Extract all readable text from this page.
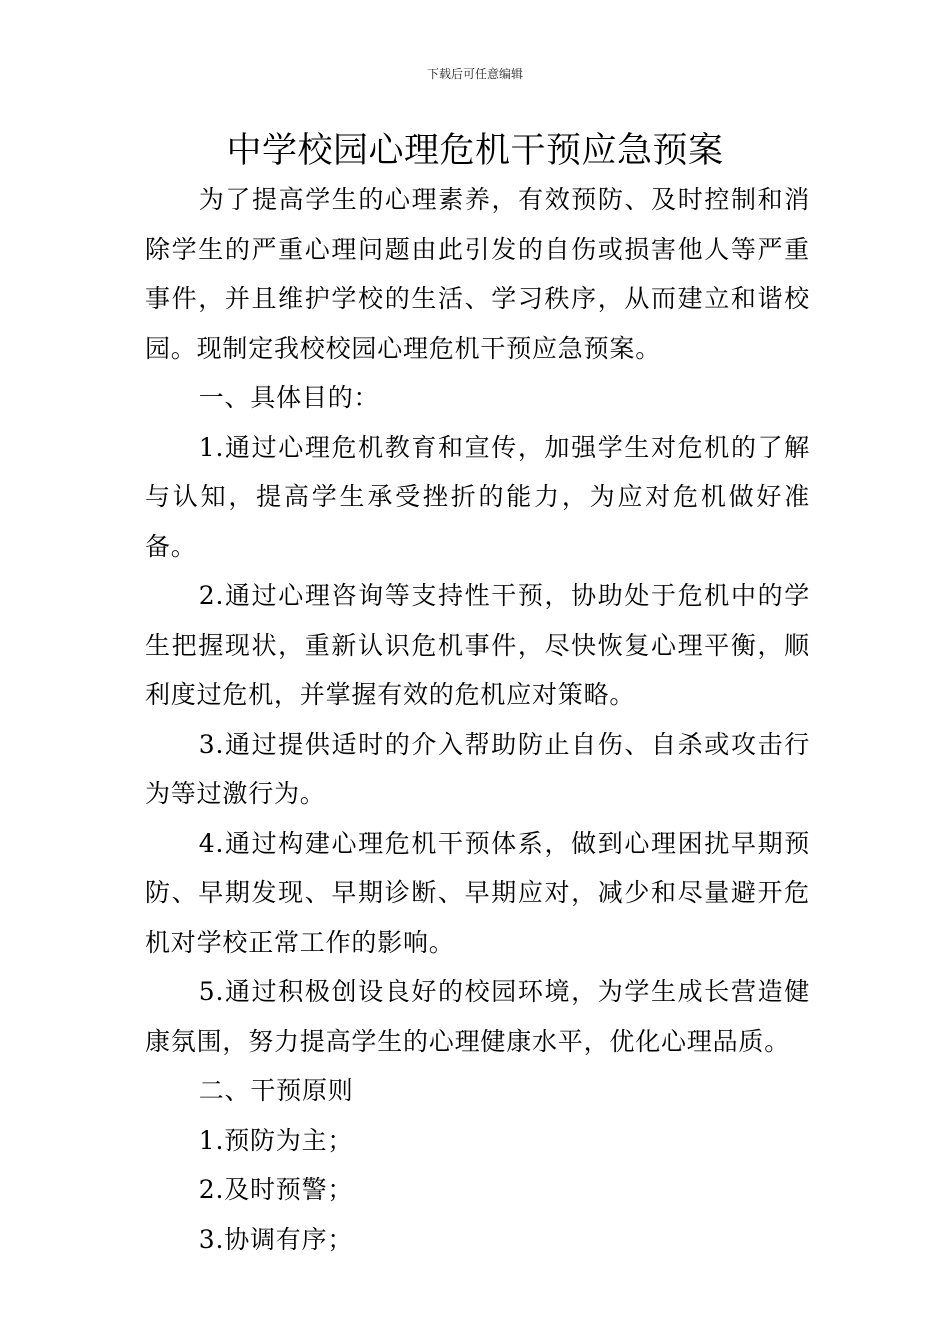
下载后可任意编辑
中学校园心理危机干预应急预案

为了提高学生的心理素养，有效预防、及时控制和消除学生的严重心理问题由此引发的自伤或损害他人等严重事件，并且维护学校的生活、学习秩序，从而建立和谐校园。现制定我校校园心理危机干预应急预案。

一、具体目的：

1.通过心理危机教育和宣传，加强学生对危机的了解与认知，提高学生承受挫折的能力，为应对危机做好准备。

2.通过心理咨询等支持性干预，协助处于危机中的学生把握现状，重新认识危机事件，尽快恢复心理平衡，顺利度过危机，并掌握有效的危机应对策略。

3.通过提供适时的介入帮助防止自伤、自杀或攻击行为等过激行为。

4.通过构建心理危机干预体系，做到心理困扰早期预防、早期发现、早期诊断、早期应对，减少和尽量避开危机对学校正常工作的影响。

5.通过积极创设良好的校园环境，为学生成长营造健康氛围，努力提高学生的心理健康水平，优化心理品质。

二、干预原则

1.预防为主；

2.及时预警；

3.协调有序；
